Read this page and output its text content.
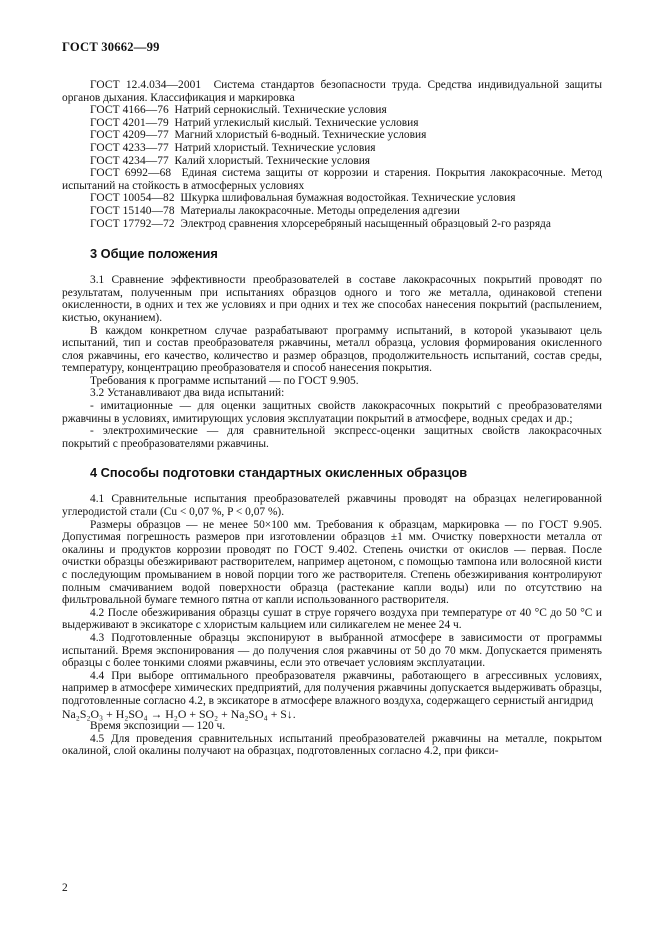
ГОСТ 30662—99

ГОСТ 12.4.034—2001 Система стандартов безопасности труда. Средства индивидуальной защиты органов дыхания. Классификация и маркировка

ГОСТ 4166—76 Натрий сернокислый. Технические условия

ГОСТ 4201—79 Натрий углекислый кислый. Технические условия

ГОСТ 4209—77 Магний хлористый 6-водный. Технические условия

ГОСТ 4233—77 Натрий хлористый. Технические условия

ГОСТ 4234—77 Калий хлористый. Технические условия

ГОСТ 6992—68 Единая система защиты от коррозии и старения. Покрытия лакокрасочные. Метод испытаний на стойкость в атмосферных условиях

ГОСТ 10054—82 Шкурка шлифовальная бумажная водостойкая. Технические условия

ГОСТ 15140—78 Материалы лакокрасочные. Методы определения адгезии

ГОСТ 17792—72 Электрод сравнения хлорсеребряный насыщенный образцовый 2-го разряда

3 Общие положения

3.1 Сравнение эффективности преобразователей в составе лакокрасочных покрытий проводят по результатам, полученным при испытаниях образцов одного и того же металла, одинаковой степени окисленности, в одних и тех же условиях и при одних и тех же способах нанесения покрытий (распылением, кистью, окунанием).

В каждом конкретном случае разрабатывают программу испытаний, в которой указывают цель испытаний, тип и состав преобразователя ржавчины, металл образца, условия формирования окисленного слоя ржавчины, его качество, количество и размер образцов, продолжительность испытаний, состав среды, температуру, концентрацию преобразователя и способ нанесения покрытия.

Требования к программе испытаний — по ГОСТ 9.905.

3.2 Устанавливают два вида испытаний:

- имитационные — для оценки защитных свойств лакокрасочных покрытий с преобразователями ржавчины в условиях, имитирующих условия эксплуатации покрытий в атмосфере, водных средах и др.;

- электрохимические — для сравнительной экспресс-оценки защитных свойств лакокрасочных покрытий с преобразователями ржавчины.

4 Способы подготовки стандартных окисленных образцов

4.1 Сравнительные испытания преобразователей ржавчины проводят на образцах нелегированной углеродистой стали (Cu < 0,07 %, P < 0,07 %).

Размеры образцов — не менее 50×100 мм. Требования к образцам, маркировка — по ГОСТ 9.905. Допустимая погрешность размеров при изготовлении образцов ±1 мм. Очистку поверхности металла от окалины и продуктов коррозии проводят по ГОСТ 9.402. Степень очистки от окислов — первая. После очистки образцы обезжиривают растворителем, например ацетоном, с помощью тампона или волосяной кисти с последующим промыванием в новой порции того же растворителя. Степень обезжиривания контролируют полным смачиванием водой поверхности образца (растекание капли воды) или по отсутствию на фильтровальной бумаге темного пятна от капли использованного растворителя.

4.2 После обезжиривания образцы сушат в струе горячего воздуха при температуре от 40 °С до 50 °С и выдерживают в эксикаторе с хлористым кальцием или силикагелем не менее 24 ч.

4.3 Подготовленные образцы экспонируют в выбранной атмосфере в зависимости от программы испытаний. Время экспонирования — до получения слоя ржавчины от 50 до 70 мкм. Допускается применять образцы с более тонкими слоями ржавчины, если это отвечает условиям эксплуатации.

4.4 При выборе оптимального преобразователя ржавчины, работающего в агрессивных условиях, например в атмосфере химических предприятий, для получения ржавчины допускается выдерживать образцы, подготовленные согласно 4.2, в эксикаторе в атмосфере влажного воздуха, содержащего сернистый ангидрид

Na₂S₂O₃ + H₂SO₄ → H₂O + SO₂ + Na₂SO₄ + S↓.

Время экспозиции — 120 ч.

4.5 Для проведения сравнительных испытаний преобразователей ржавчины на металле, покрытом окалиной, слой окалины получают на образцах, подготовленных согласно 4.2, при фикси-

2
